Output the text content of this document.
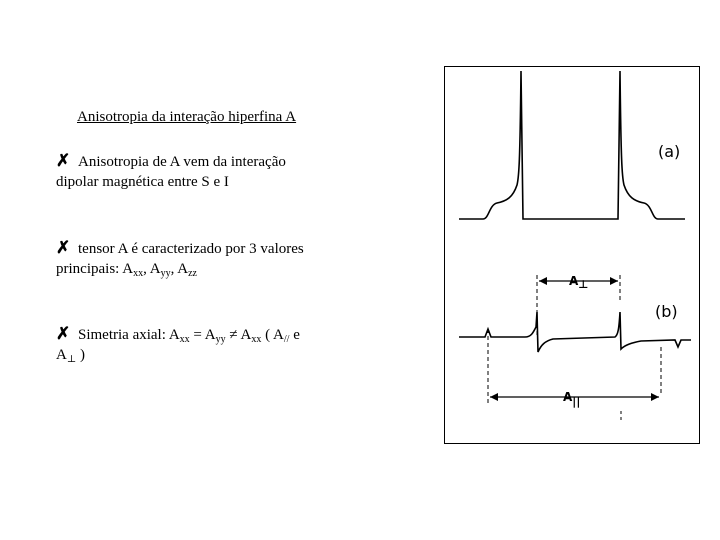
Anisotropia da interação hiperfina A
✗ Anisotropia de A vem da interação
dipolar magnética entre S e I
✗ tensor A é caracterizado por 3 valores
principais: $A_{xx}$, $A_{yy}$, $A_{zz}$
✗ Simetria axial: $A_{xx} = A_{yy} \ne A_{xx}$ ( $A_{//}$ e
$A_\perp$ )
(a)
A⊥
(b)
A||
